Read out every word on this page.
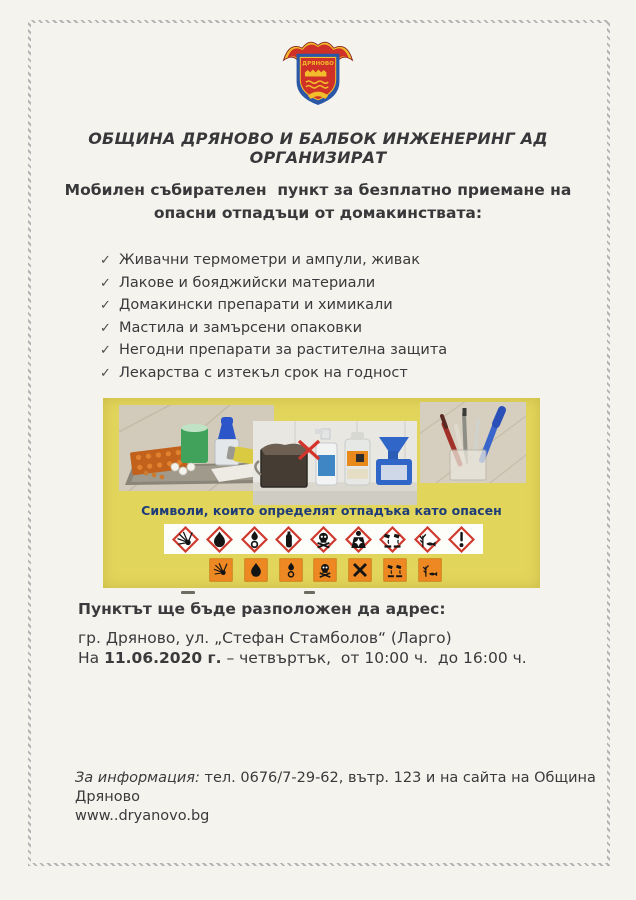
ДРЯНОВО
ОБЩИНА ДРЯНОВО И БАЛБОК ИНЖЕНЕРИНГ АД
ОРГАНИЗИРАТ
Мобилен събирателен  пункт за безплатно приемане на опасни отпадъци от домакинствата:
✓ Живачни термометри и ампули, живак
✓ Лакове и бояджийски материали
✓ Домакински препарати и химикали
✓ Мастила и замърсени опаковки
✓ Негодни препарати за растителна защита
✓ Лекарства с изтекъл срок на годност
Символи, които определят отпадъка като опасен
Пунктът ще бъде разположен да адрес:
гр. Дряново, ул. „Стефан Стамболов“ (Ларго)
На 11.06.2020 г. – четвъртък,  от 10:00 ч.  до 16:00 ч.
За информация: тел. 0676/7-29-62, вътр. 123 и на сайта на Община Дряново
www..dryanovo.bg
